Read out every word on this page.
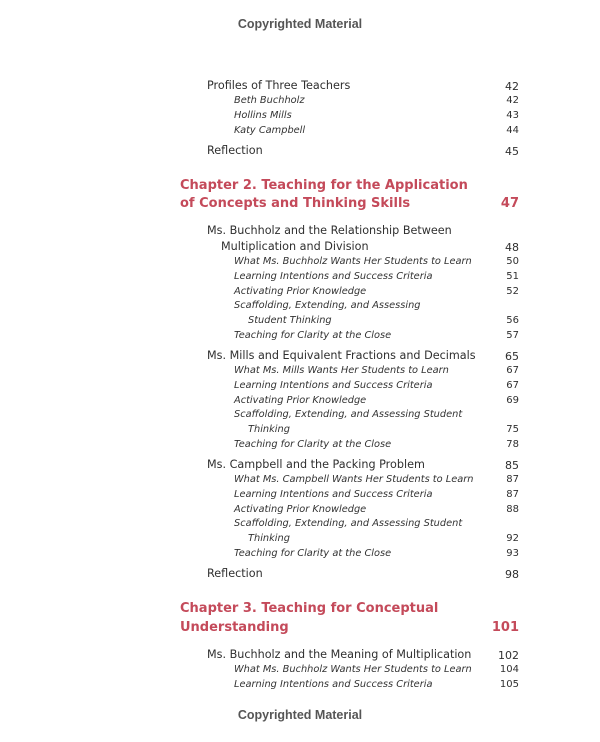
Copyrighted Material
Profiles of Three Teachers	42
Beth Buchholz	42
Hollins Mills	43
Katy Campbell	44
Reflection	45
Chapter 2. Teaching for the Application
of Concepts and Thinking Skills	47
Ms. Buchholz and the Relationship Between
Multiplication and Division	48
What Ms. Buchholz Wants Her Students to Learn	50
Learning Intentions and Success Criteria	51
Activating Prior Knowledge	52
Scaffolding, Extending, and Assessing
Student Thinking	56
Teaching for Clarity at the Close	57
Ms. Mills and Equivalent Fractions and Decimals	65
What Ms. Mills Wants Her Students to Learn	67
Learning Intentions and Success Criteria	67
Activating Prior Knowledge	69
Scaffolding, Extending, and Assessing Student
Thinking	75
Teaching for Clarity at the Close	78
Ms. Campbell and the Packing Problem	85
What Ms. Campbell Wants Her Students to Learn	87
Learning Intentions and Success Criteria	87
Activating Prior Knowledge	88
Scaffolding, Extending, and Assessing Student
Thinking	92
Teaching for Clarity at the Close	93
Reflection	98
Chapter 3. Teaching for Conceptual
Understanding	101
Ms. Buchholz and the Meaning of Multiplication 102
What Ms. Buchholz Wants Her Students to Learn	104
Learning Intentions and Success Criteria	105
Copyrighted Material
